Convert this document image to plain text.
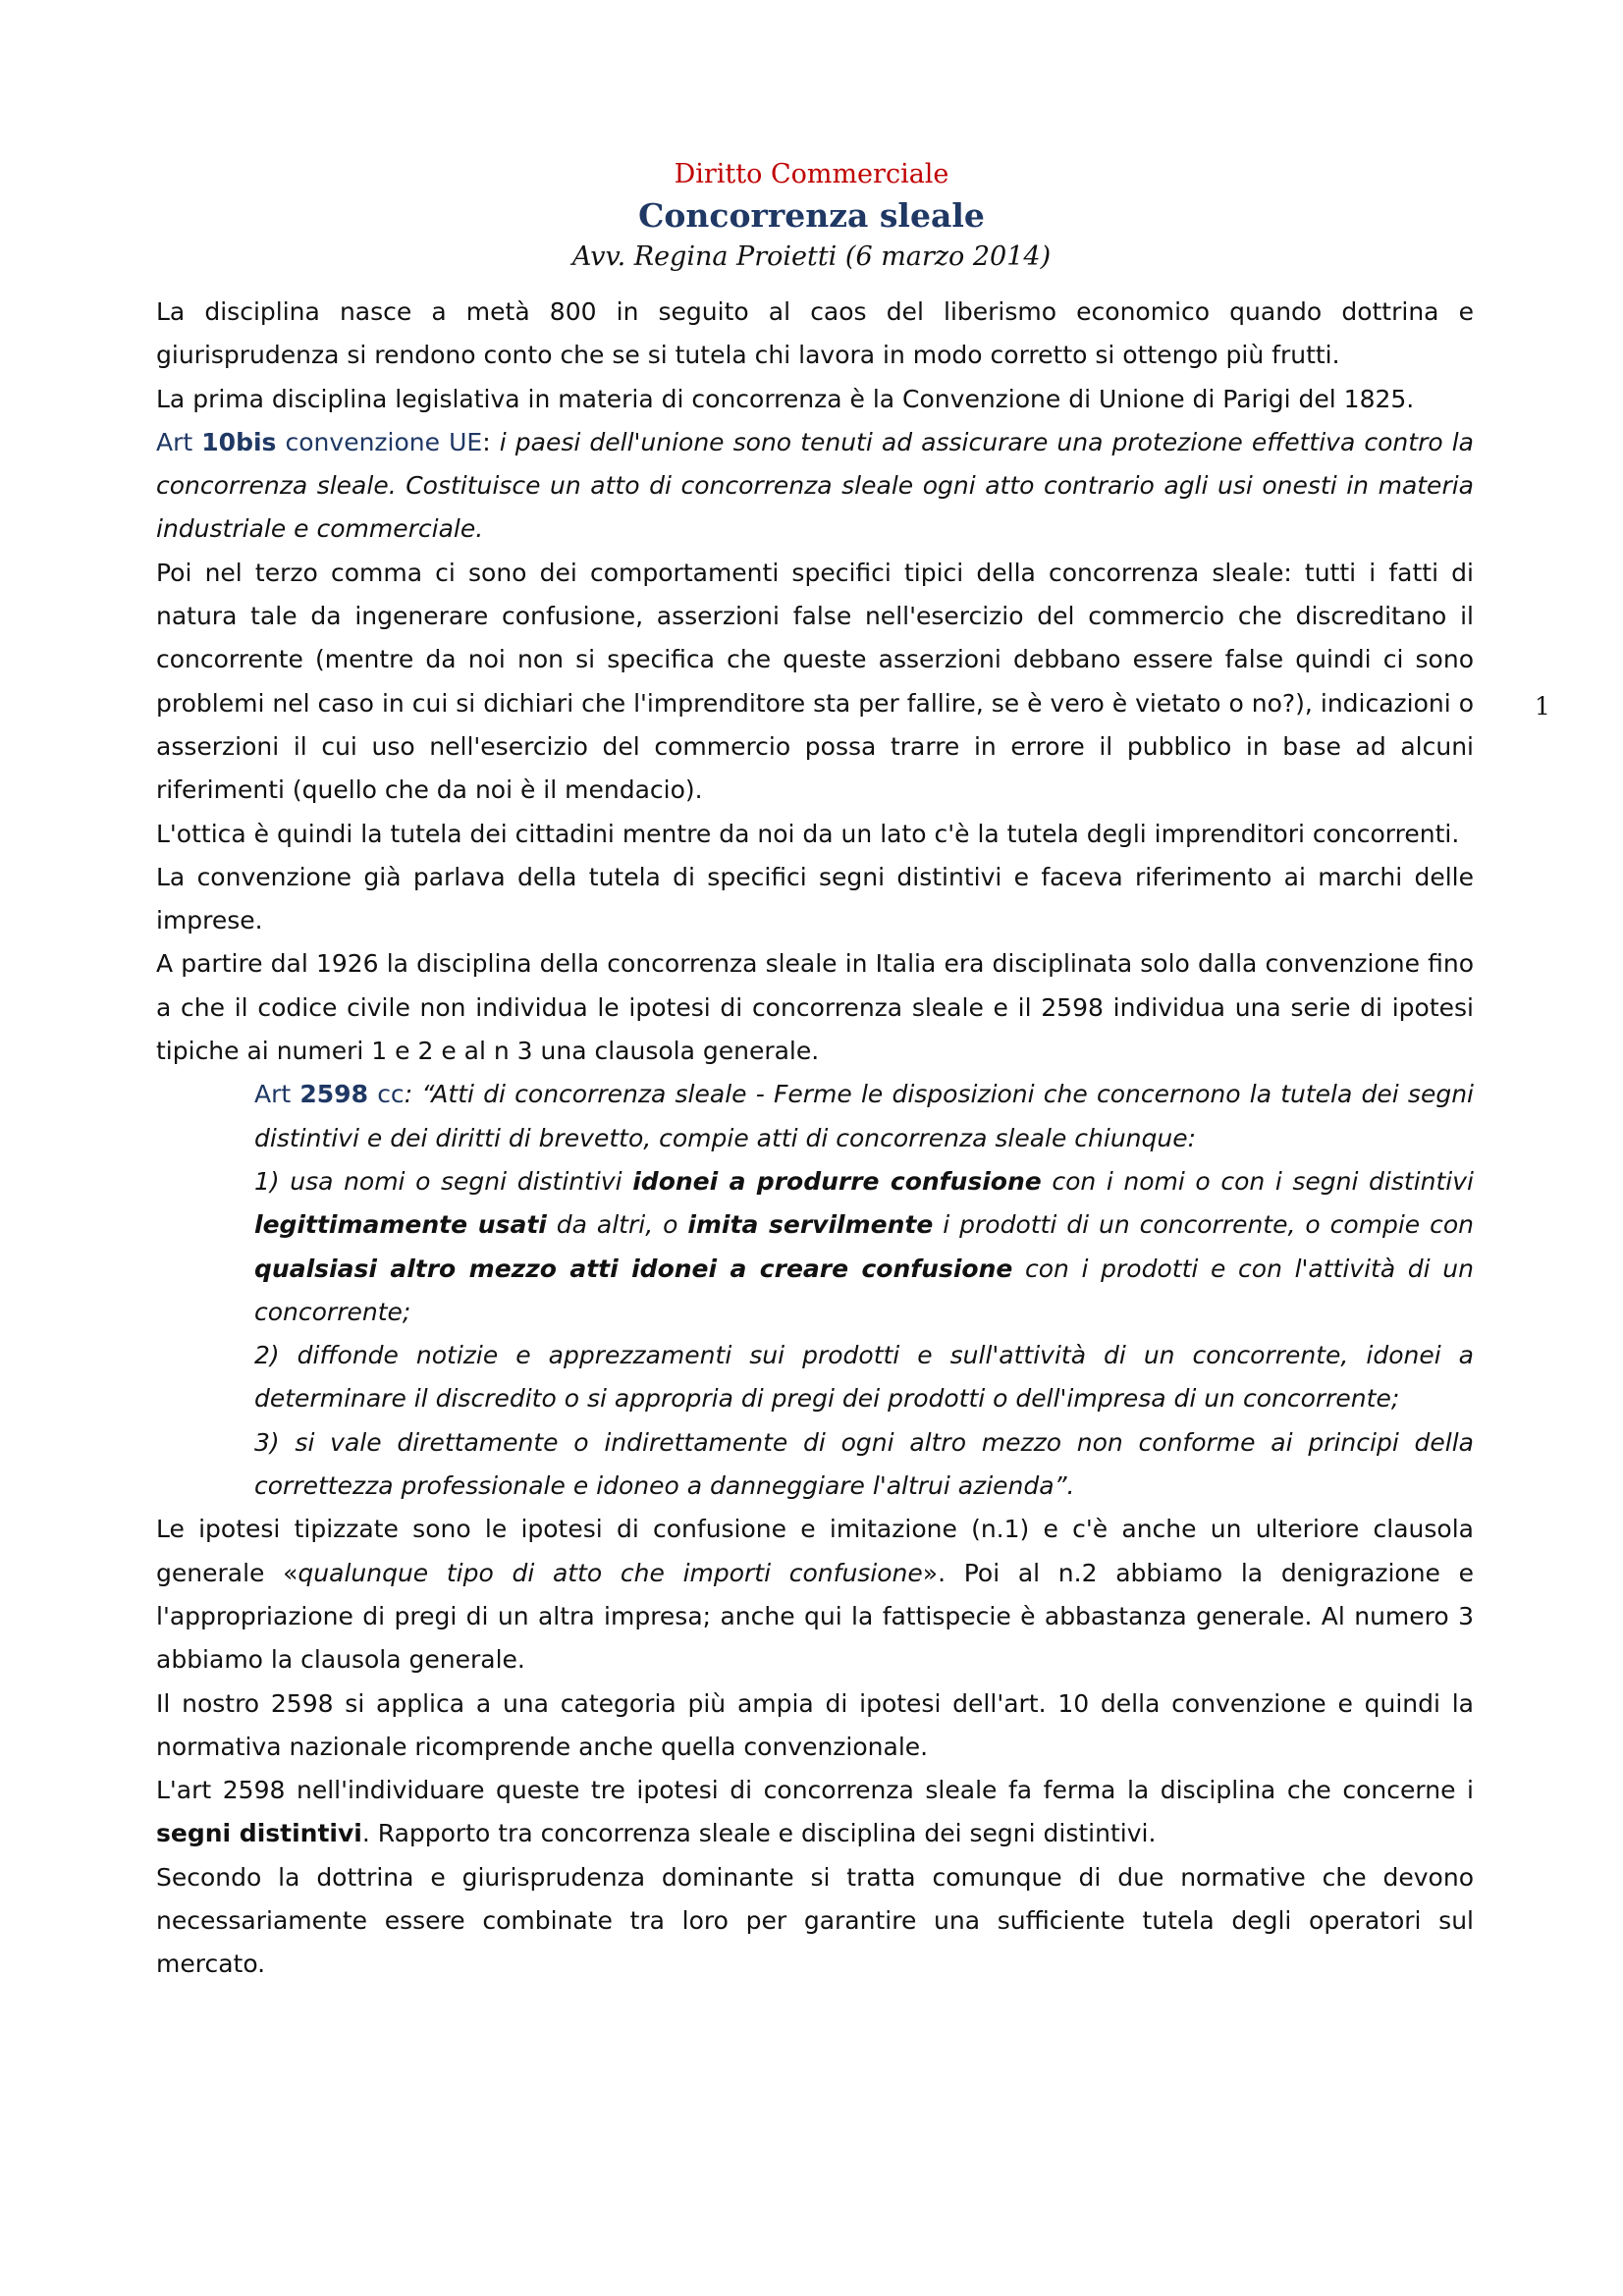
Diritto Commerciale
Concorrenza sleale
Avv. Regina Proietti (6 marzo 2014)
1

La disciplina nasce a metà 800 in seguito al caos del liberismo economico quando dottrina e giurisprudenza si rendono conto che se si tutela chi lavora in modo corretto si ottengo più frutti.

La prima disciplina legislativa in materia di concorrenza è la Convenzione di Unione di Parigi del 1825.

Art 10bis convenzione UE: i paesi dell'unione sono tenuti ad assicurare una protezione effettiva contro la concorrenza sleale. Costituisce un atto di concorrenza sleale ogni atto contrario agli usi onesti in materia industriale e commerciale.

Poi nel terzo comma ci sono dei comportamenti specifici tipici della concorrenza sleale: tutti i fatti di natura tale da ingenerare confusione, asserzioni false nell'esercizio del commercio che discreditano il concorrente (mentre da noi non si specifica che queste asserzioni debbano essere false quindi ci sono problemi nel caso in cui si dichiari che l'imprenditore sta per fallire, se è vero è vietato o no?), indicazioni o asserzioni il cui uso nell'esercizio del commercio possa trarre in errore il pubblico in base ad alcuni riferimenti (quello che da noi è il mendacio).

L'ottica è quindi la tutela dei cittadini mentre da noi da un lato c'è la tutela degli imprenditori concorrenti.

La convenzione già parlava della tutela di specifici segni distintivi e faceva riferimento ai marchi delle imprese.

A partire dal 1926 la disciplina della concorrenza sleale in Italia era disciplinata solo dalla convenzione fino a che il codice civile non individua le ipotesi di concorrenza sleale e il 2598 individua una serie di ipotesi tipiche ai numeri 1 e 2 e al n 3 una clausola generale.

Art 2598 cc: “Atti di concorrenza sleale - Ferme le disposizioni che concernono la tutela dei segni distintivi e dei diritti di brevetto, compie atti di concorrenza sleale chiunque:

1) usa nomi o segni distintivi idonei a produrre confusione con i nomi o con i segni distintivi legittimamente usati da altri, o imita servilmente i prodotti di un concorrente, o compie con qualsiasi altro mezzo atti idonei a creare confusione con i prodotti e con l'attività di un concorrente;

2) diffonde notizie e apprezzamenti sui prodotti e sull'attività di un concorrente, idonei a determinare il discredito o si appropria di pregi dei prodotti o dell'impresa di un concorrente;

3) si vale direttamente o indirettamente di ogni altro mezzo non conforme ai principi della correttezza professionale e idoneo a danneggiare l'altrui azienda”.

Le ipotesi tipizzate sono le ipotesi di confusione e imitazione (n.1) e c'è anche un ulteriore clausola generale «qualunque tipo di atto che importi confusione». Poi al n.2 abbiamo la denigrazione e l'appropriazione di pregi di un altra impresa; anche qui la fattispecie è abbastanza generale. Al numero 3 abbiamo la clausola generale.

Il nostro 2598 si applica a una categoria più ampia di ipotesi dell'art. 10 della convenzione e quindi la normativa nazionale ricomprende anche quella convenzionale.

L'art 2598 nell'individuare queste tre ipotesi di concorrenza sleale fa ferma la disciplina che concerne i segni distintivi. Rapporto tra concorrenza sleale e disciplina dei segni distintivi.

Secondo la dottrina e giurisprudenza dominante si tratta comunque di due normative che devono necessariamente essere combinate tra loro per garantire una sufficiente tutela degli operatori sul mercato.
